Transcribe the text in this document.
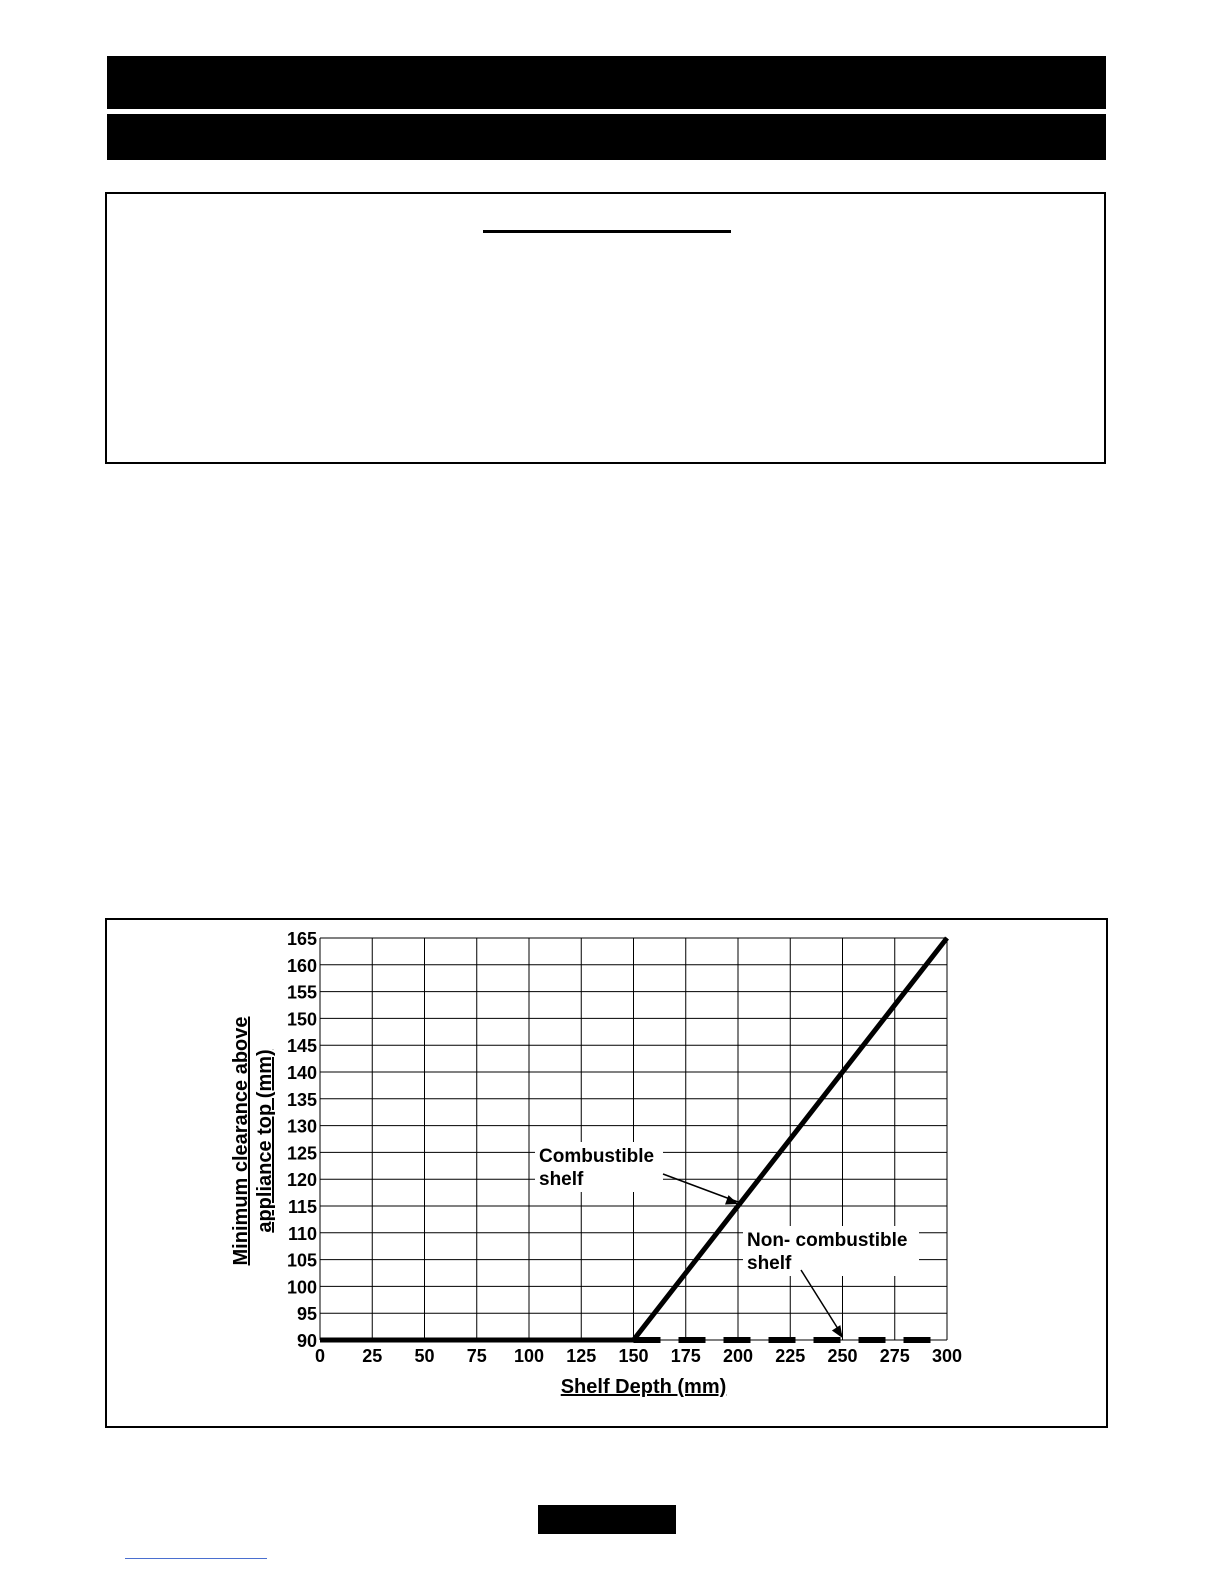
0 25 50 75 100 125 150 175 200 225 250 275 300
90
95
100
105
110
115
120
125
130
135
140
145
150
155
160
165
Combustible
shelf
Non- combustible
shelf
Shelf Depth (mm)
Minimum clearance above appliance top (mm)
